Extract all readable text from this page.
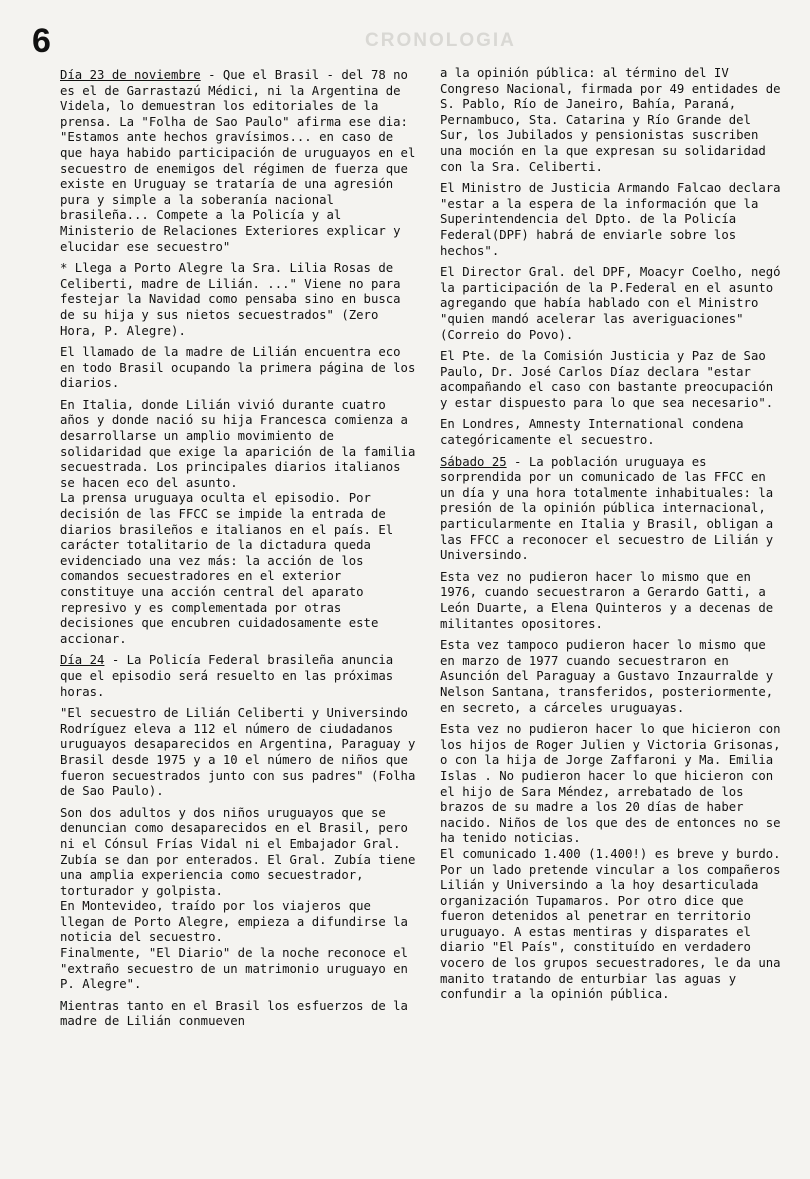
CRONOLOGIA
6

Día 23 de noviembre - Que el Brasil - del 78 no es el de Garrastazú Médici, ni la Argentina de Videla, lo demuestran los editoriales de la prensa. La "Folha de Sao Paulo" afirma ese dia: "Estamos ante hechos gravísimos... en caso de que haya habido participación de uruguayos en el secuestro de enemigos del régimen de fuerza que existe en Uruguay se trataría de una agresión pura y simple a la soberanía nacional brasileña... Compete a la Policía y al Ministerio de Relaciones Exteriores explicar y elucidar ese secuestro"

* Llega a Porto Alegre la Sra. Lilia Rosas de Celiberti, madre de Lilián. ..." Viene no para festejar la Navidad como pensaba sino en busca de su hija y sus nietos secuestrados" (Zero Hora, P. Alegre).

El llamado de la madre de Lilián encuentra eco en todo Brasil ocupando la primera página de los diarios.

En Italia, donde Lilián vivió durante cuatro años y donde nació su hija Francesca comienza a desarrollarse un amplio movimiento de solidaridad que exige la aparición de la familia secuestrada. Los principales diarios italianos se hacen eco del asunto.

La prensa uruguaya oculta el episodio. Por decisión de las FFCC se impide la entrada de diarios brasileños e italianos en el país. El carácter totalitario de la dictadura queda evidenciado una vez más: la acción de los comandos secuestradores en el exterior constituye una acción central del aparato represivo y es complementada por otras decisiones que encubren cuidadosamente este accionar.

Día 24 - La Policía Federal brasileña anuncia que el episodio será resuelto en las próximas horas.

"El secuestro de Lilián Celiberti y Universindo Rodríguez eleva a 112 el número de ciudadanos uruguayos desaparecidos en Argentina, Paraguay y Brasil desde 1975 y a 10 el número de niños que fueron secuestrados junto con sus padres" (Folha de Sao Paulo).

Son dos adultos y dos niños uruguayos que se denuncian como desaparecidos en el Brasil, pero ni el Cónsul Frías Vidal ni el Embajador Gral. Zubía se dan por enterados. El Gral. Zubía tiene una amplia experiencia como secuestrador, torturador y golpista.

En Montevideo, traído por los viajeros que llegan de Porto Alegre, empieza a difundirse la noticia del secuestro.

Finalmente, "El Diario" de la noche reconoce el "extraño secuestro de un matrimonio uruguayo en P. Alegre".

Mientras tanto en el Brasil los esfuerzos de la madre de Lilián conmueven

a la opinión pública: al término del IV Congreso Nacional, firmada por 49 entidades de S. Pablo, Río de Janeiro, Bahía, Paraná, Pernambuco, Sta. Catarina y Río Grande del Sur, los Jubilados y pensionistas suscriben una moción en la que expresan su solidaridad con la Sra. Celiberti.

El Ministro de Justicia Armando Falcao declara "estar a la espera de la información que la Superintendencia del Dpto. de la Policía Federal(DPF) habrá de enviarle sobre los hechos".

El Director Gral. del DPF, Moacyr Coelho, negó la participación de la P.Federal en el asunto agregando que había hablado con el Ministro "quien mandó acelerar las averiguaciones"(Correio do Povo).

El Pte. de la Comisión Justicia y Paz de Sao Paulo, Dr. José Carlos Díaz declara "estar acompañando el caso con bastante preocupación y estar dispuesto para lo que sea necesario".

En Londres, Amnesty International condena categóricamente el secuestro.

Sábado 25 - La población uruguaya es sorprendida por un comunicado de las FFCC en un día y una hora totalmente inhabituales: la presión de la opinión pública internacional, particularmente en Italia y Brasil, obligan a las FFCC a reconocer el secuestro de Lilián y Universindo.

Esta vez no pudieron hacer lo mismo que en 1976, cuando secuestraron a Gerardo Gatti, a León Duarte, a Elena Quinteros y a decenas de militantes opositores.

Esta vez tampoco pudieron hacer lo mismo que en marzo de 1977 cuando secuestraron en Asunción del Paraguay a Gustavo Inzaurralde y Nelson Santana, transferidos, posteriormente, en secreto, a cárceles uruguayas.

Esta vez no pudieron hacer lo que hicieron con los hijos de Roger Julien y Victoria Grisonas, o con la hija de Jorge Zaffaroni y Ma. Emilia Islas . No pudieron hacer lo que hicieron con el hijo de Sara Méndez, arrebatado de los brazos de su madre a los 20 días de haber nacido. Niños de los que des de entonces no se ha tenido noticias.

El comunicado 1.400 (1.400!) es breve y burdo. Por un lado pretende vincular a los compañeros Lilián y Universindo a la hoy desarticulada organización Tupamaros. Por otro dice que fueron detenidos al penetrar en territorio uruguayo. A estas mentiras y disparates el diario "El País", constituído en verdadero vocero de los grupos secuestradores, le da una manito tratando de enturbiar las aguas y confundir a la opinión pública.
